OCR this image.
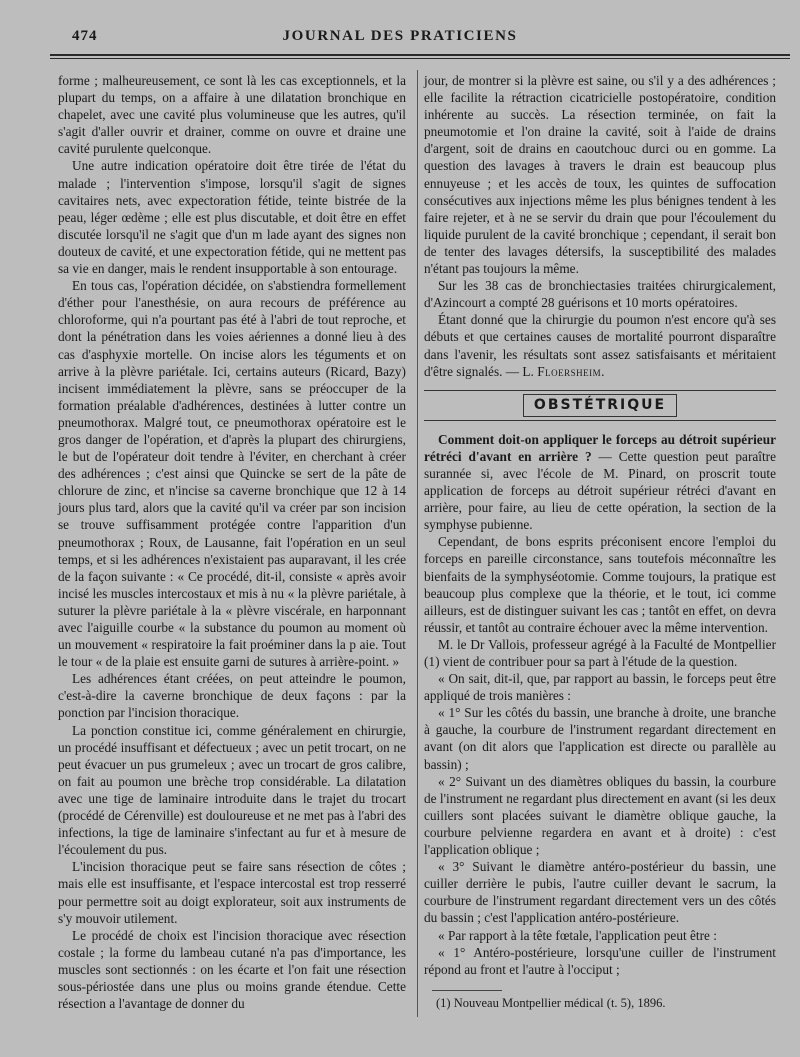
474	JOURNAL DES PRATICIENS

forme ; malheureusement, ce sont là les cas exceptionnels, et la plupart du temps, on a affaire à une dilatation bronchique en chapelet, avec une cavité plus volumineuse que les autres, qu'il s'agit d'aller ouvrir et drainer, comme on ouvre et draine une cavité purulente quelconque.

Une autre indication opératoire doit être tirée de l'état du malade ; l'intervention s'impose, lorsqu'il s'agit de signes cavitaires nets, avec expectoration fétide, teinte bistrée de la peau, léger œdème ; elle est plus discutable, et doit être en effet discutée lorsqu'il ne s'agit que d'un m lade ayant des signes non douteux de cavité, et une expectoration fétide, qui ne mettent pas sa vie en danger, mais le rendent insupportable à son entourage.

En tous cas, l'opération décidée, on s'abstiendra formellement d'éther pour l'anesthésie, on aura recours de préférence au chloroforme, qui n'a pourtant pas été à l'abri de tout reproche, et dont la pénétration dans les voies aériennes a donné lieu à des cas d'asphyxie mortelle. On incise alors les téguments et on arrive à la plèvre pariétale. Ici, certains auteurs (Ricard, Bazy) incisent immédiatement la plèvre, sans se préoccuper de la formation préalable d'adhérences, destinées à lutter contre un pneumothorax. Malgré tout, ce pneumothorax opératoire est le gros danger de l'opération, et d'après la plupart des chirurgiens, le but de l'opérateur doit tendre à l'éviter, en cherchant à créer des adhérences ; c'est ainsi que Quincke se sert de la pâte de chlorure de zinc, et n'incise sa caverne bronchique que 12 à 14 jours plus tard, alors que la cavité qu'il va créer par son incision se trouve suffisamment protégée contre l'apparition d'un pneumothorax ; Roux, de Lausanne, fait l'opération en un seul temps, et si les adhérences n'existaient pas auparavant, il les crée de la façon suivante : « Ce procédé, dit-il, consiste « après avoir incisé les muscles intercostaux et mis à nu « la plèvre pariétale, à suturer la plèvre pariétale à la « plèvre viscérale, en harponnant avec l'aiguille courbe « la substance du poumon au moment où un mouvement « respiratoire la fait proéminer dans la p aie. Tout le tour « de la plaie est ensuite garni de sutures à arrière-point. »

Les adhérences étant créées, on peut atteindre le poumon, c'est-à-dire la caverne bronchique de deux façons : par la ponction par l'incision thoracique.

La ponction constitue ici, comme généralement en chirurgie, un procédé insuffisant et défectueux ; avec un petit trocart, on ne peut évacuer un pus grumeleux ; avec un trocart de gros calibre, on fait au poumon une brèche trop considérable. La dilatation avec une tige de laminaire introduite dans le trajet du trocart (procédé de Cérenville) est douloureuse et ne met pas à l'abri des infections, la tige de laminaire s'infectant au fur et à mesure de l'écoulement du pus.

L'incision thoracique peut se faire sans résection de côtes ; mais elle est insuffisante, et l'espace intercostal est trop resserré pour permettre soit au doigt explorateur, soit aux instruments de s'y mouvoir utilement.

Le procédé de choix est l'incision thoracique avec résection costale ; la forme du lambeau cutané n'a pas d'importance, les muscles sont sectionnés : on les écarte et l'on fait une résection sous-périostée dans une plus ou moins grande étendue. Cette résection a l'avantage de donner du

jour, de montrer si la plèvre est saine, ou s'il y a des adhérences ; elle facilite la rétraction cicatricielle postopératoire, condition inhérente au succès. La résection terminée, on fait la pneumotomie et l'on draine la cavité, soit à l'aide de drains d'argent, soit de drains en caoutchouc durci ou en gomme. La question des lavages à travers le drain est beaucoup plus ennuyeuse ; et les accès de toux, les quintes de suffocation consécutives aux injections même les plus bénignes tendent à les faire rejeter, et à ne se servir du drain que pour l'écoulement du liquide purulent de la cavité bronchique ; cependant, il serait bon de tenter des lavages détersifs, la susceptibilité des malades n'étant pas toujours la même.

Sur les 38 cas de bronchiectasies traitées chirurgicalement, d'Azincourt a compté 28 guérisons et 10 morts opératoires.

Étant donné que la chirurgie du poumon n'est encore qu'à ses débuts et que certaines causes de mortalité pourront disparaître dans l'avenir, les résultats sont assez satisfaisants et méritaient d'être signalés. — L. Floersheim.

OBSTÉTRIQUE

Comment doit-on appliquer le forceps au détroit supérieur rétréci d'avant en arrière ? — Cette question peut paraître surannée si, avec l'école de M. Pinard, on proscrit toute application de forceps au détroit supérieur rétréci d'avant en arrière, pour faire, au lieu de cette opération, la section de la symphyse pubienne.

Cependant, de bons esprits préconisent encore l'emploi du forceps en pareille circonstance, sans toutefois méconnaître les bienfaits de la symphyséotomie. Comme toujours, la pratique est beaucoup plus complexe que la théorie, et le tout, ici comme ailleurs, est de distinguer suivant les cas ; tantôt en effet, on devra réussir, et tantôt au contraire échouer avec la même intervention.

M. le Dr Vallois, professeur agrégé à la Faculté de Montpellier (1) vient de contribuer pour sa part à l'étude de la question.

« On sait, dit-il, que, par rapport au bassin, le forceps peut être appliqué de trois manières :

« 1° Sur les côtés du bassin, une branche à droite, une branche à gauche, la courbure de l'instrument regardant directement en avant (on dit alors que l'application est directe ou parallèle au bassin) ;

« 2° Suivant un des diamètres obliques du bassin, la courbure de l'instrument ne regardant plus directement en avant (si les deux cuillers sont placées suivant le diamètre oblique gauche, la courbure pelvienne regardera en avant et à droite) : c'est l'application oblique ;

« 3° Suivant le diamètre antéro-postérieur du bassin, une cuiller derrière le pubis, l'autre cuiller devant le sacrum, la courbure de l'instrument regardant directement vers un des côtés du bassin ; c'est l'application antéro-postérieure.

« Par rapport à la tête fœtale, l'application peut être :

« 1° Antéro-postérieure, lorsqu'une cuiller de l'instrument répond au front et l'autre à l'occiput ;

(1) Nouveau Montpellier médical (t. 5), 1896.
